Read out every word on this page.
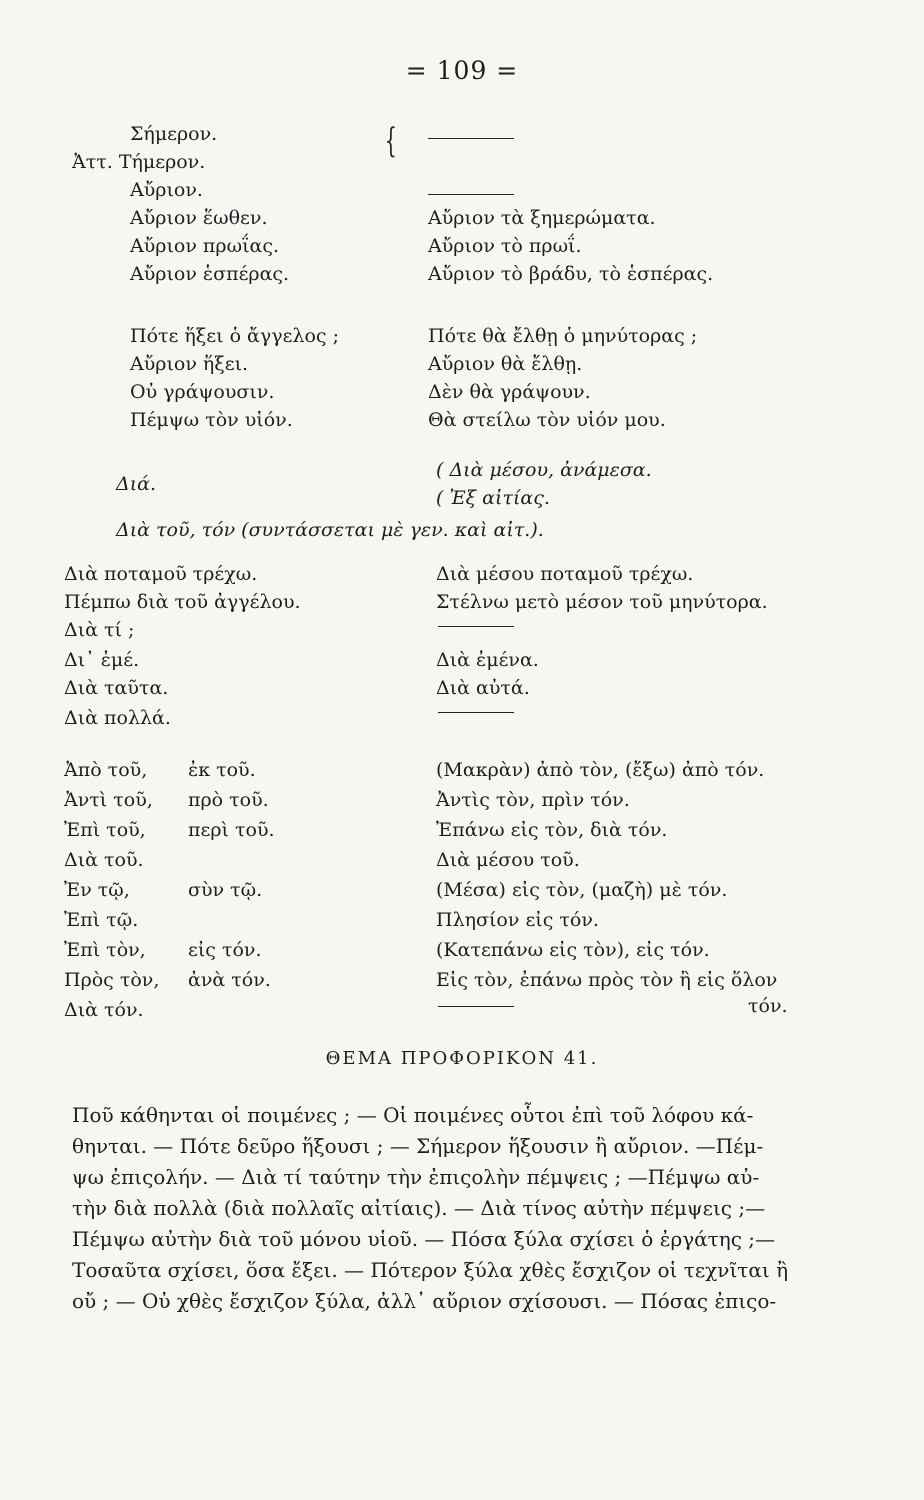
= 109 =
Σήμερον.
Ἀττ. Τήμερον.
Αὔριον.
Αὔριον ἕωθεν.
Αὔριον πρωΐας.
Αὔριον ἑσπέρας.
{
Αὔριον τὰ ξημερώματα.
Αὔριον τὸ πρωΐ.
Αὔριον τὸ βράδυ, τὸ ἑσπέρας.
Πότε ἥξει ὁ ἄγγελος ;
Αὔριον ἥξει.
Οὐ γράψουσιν.
Πέμψω τὸν υἱόν.
Πότε θὰ ἔλθῃ ὁ μηνύτορας ;
Αὔριον θὰ ἔλθῃ.
Δὲν θὰ γράψουν.
Θὰ στείλω τὸν υἱόν μου.
( Διὰ μέσου, ἀνάμεσα.
Διά.
( Ἐξ αἰτίας.
Διὰ τοῦ, τόν (συντάσσεται μὲ γεν. καὶ αἰτ.).
Διὰ ποταμοῦ τρέχω.
Πέμπω διὰ τοῦ ἀγγέλου.
Διὰ τί ;
Δι᾽ ἐμέ.
Διὰ ταῦτα.
Διὰ πολλά.
Διὰ μέσου ποταμοῦ τρέχω.
Στέλνω μετὸ μέσον τοῦ μηνύτορα.
Διὰ ἐμένα.
Διὰ αὐτά.
Ἀπὸ τοῦ,
Ἀντὶ τοῦ,
Ἐπὶ τοῦ,
Διὰ τοῦ.
Ἐν τῷ,
Ἐπὶ τῷ.
Ἐπὶ τὸν,
Πρὸς τὸν,
Διὰ τόν.
ἐκ τοῦ.
πρὸ τοῦ.
περὶ τοῦ.
σὺν τῷ.
εἰς τόν.
ἀνὰ τόν.
(Μακρὰν) ἀπὸ τὸν, (ἔξω) ἀπὸ τόν.
Ἀντὶς τὸν, πρὶν τόν.
Ἐπάνω εἰς τὸν, διὰ τόν.
Διὰ μέσου τοῦ.
(Μέσα) εἰς τὸν, (μαζὴ) μὲ τόν.
Πλησίον εἰς τόν.
(Κατεπάνω εἰς τὸν), εἰς τόν.
Εἰς τὸν, ἐπάνω πρὸς τὸν ἢ εἰς ὅλον
τόν.
ΘΕΜΑ ΠΡΟΦΟΡΙΚΟΝ 41.

Ποῦ κάθηνται οἱ ποιμένες ; — Οἱ ποιμένες οὗτοι ἐπὶ τοῦ λόφου κά-

θηνται. — Πότε δεῦρο ἥξουσι ; — Σήμερον ἥξουσιν ἢ αὔριον. —Πέμ-

ψω ἐπιςολήν. — Διὰ τί ταύτην τὴν ἐπιςολὴν πέμψεις ; —Πέμψω αὐ-

τὴν διὰ πολλὰ (διὰ πολλαῖς αἰτίαις). — Διὰ τίνος αὐτὴν πέμψεις ;—

Πέμψω αὐτὴν διὰ τοῦ μόνου υἱοῦ. — Πόσα ξύλα σχίσει ὁ ἐργάτης ;—

Τοσαῦτα σχίσει, ὅσα ἔξει. — Πότερον ξύλα χθὲς ἔσχιζον οἱ τεχνῖται ἢ

οὔ ; — Οὐ χθὲς ἔσχιζον ξύλα, ἀλλ᾽ αὔριον σχίσουσι. — Πόσας ἐπιςο-
